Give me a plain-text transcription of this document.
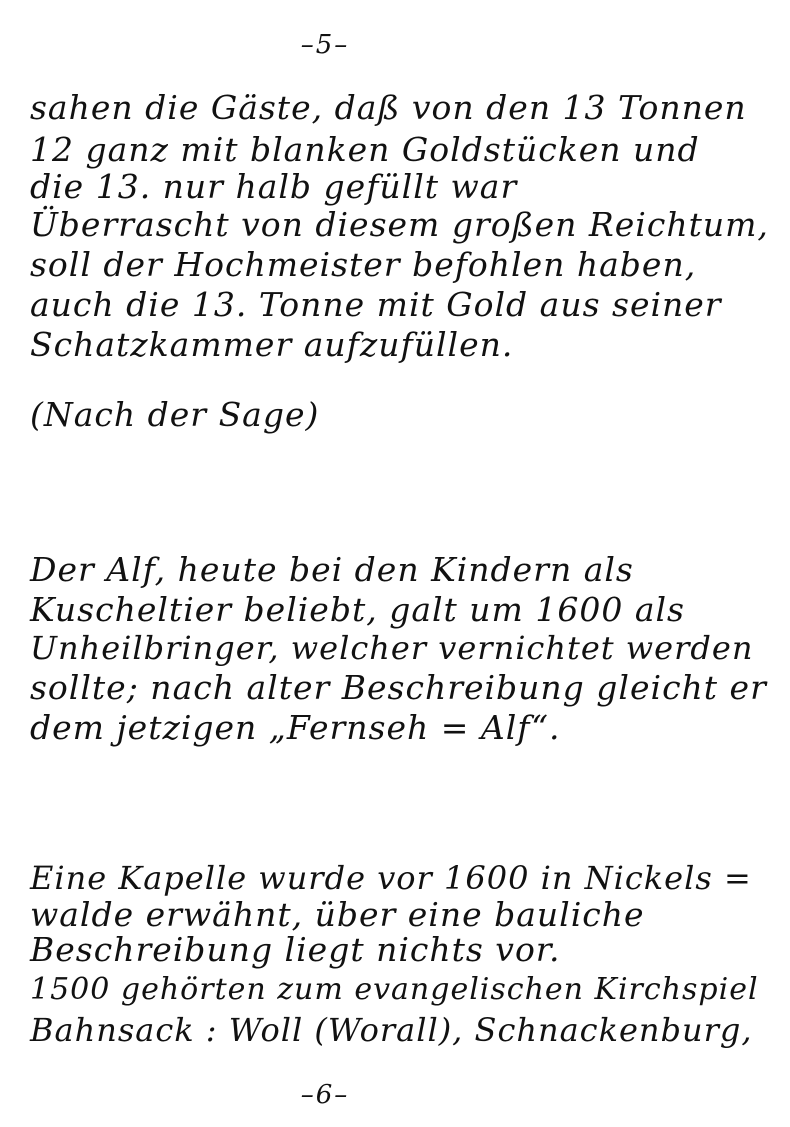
–5–
sahen die Gäste, daß von den 13 Tonnen
12 ganz mit blanken Goldstücken und
die 13. nur halb gefüllt war
Überrascht von diesem großen Reichtum,
soll der Hochmeister befohlen haben,
auch die 13. Tonne mit Gold aus seiner
Schatzkammer aufzufüllen.
(Nach der Sage)
Der Alf, heute bei den Kindern als
Kuscheltier beliebt, galt um 1600 als
Unheilbringer, welcher vernichtet werden
sollte; nach alter Beschreibung gleicht er
dem jetzigen „Fernseh = Alf“.
Eine Kapelle wurde vor 1600 in Nickels =
walde erwähnt, über eine bauliche
Beschreibung liegt nichts vor.
1500 gehörten zum evangelischen Kirchspiel
Bahnsack : Woll (Worall), Schnackenburg,
–6–
